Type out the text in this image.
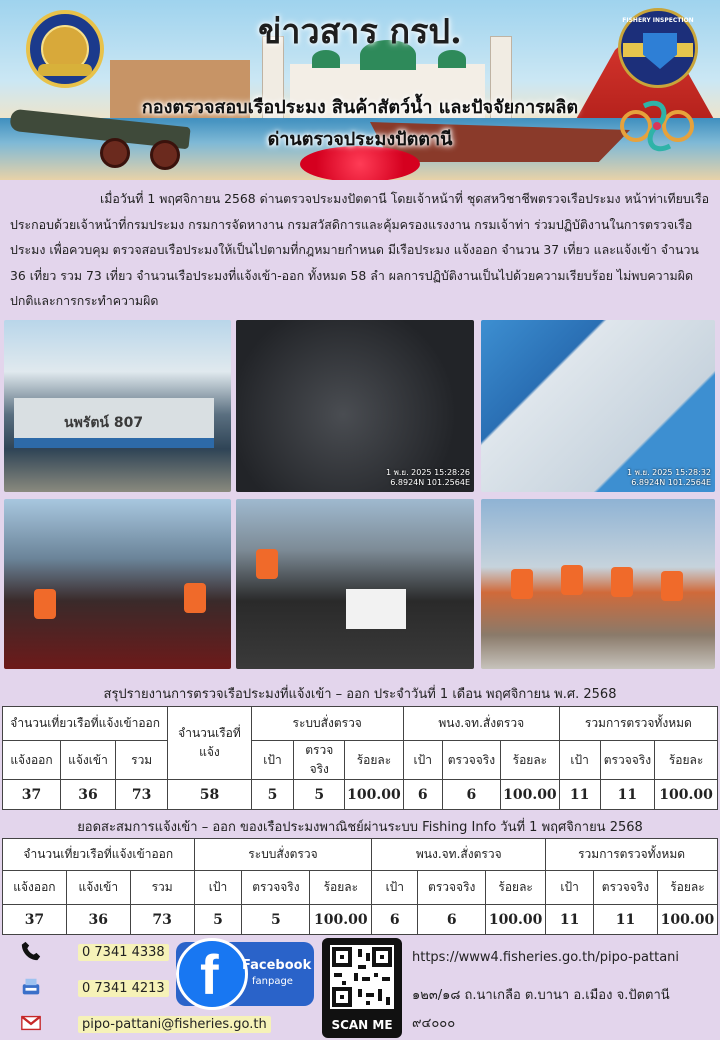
FISHERY INSPECTION
ข่าวสาร กรป.
กองตรวจสอบเรือประมง สินค้าสัตว์น้ำ และปัจจัยการผลิต
ด่านตรวจประมงปัตตานี

เมื่อวันที่ 1 พฤศจิกายน 2568 ด่านตรวจประมงปัตตานี โดยเจ้าหน้าที่ ชุดสหวิชาชีพตรวจเรือประมง หน้าท่าเทียบเรือ ประกอบด้วยเจ้าหน้าที่กรมประมง กรมการจัดหางาน กรมสวัสดิการและคุ้มครองแรงงาน กรมเจ้าท่า ร่วมปฏิบัติงานในการตรวจเรือประมง เพื่อควบคุม ตรวจสอบเรือประมงให้เป็นไปตามที่กฎหมายกำหนด มีเรือประมง แจ้งออก จำนวน 37 เที่ยว และแจ้งเข้า จำนวน 36 เที่ยว รวม 73 เที่ยว จำนวนเรือประมงที่แจ้งเข้า-ออก ทั้งหมด 58 ลำ ผลการปฏิบัติงานเป็นไปด้วยความเรียบร้อย ไม่พบความผิดปกติและการกระทำความผิด

นพรัตน์ 807
1 พ.ย. 2025 15:28:26
6.8924N 101.2564E
1 พ.ย. 2025 15:28:32
6.8924N 101.2564E
สรุปรายงานการตรวจเรือประมงที่แจ้งเข้า – ออก ประจำวันที่ 1 เดือน พฤศจิกายน พ.ศ. 2568
จำนวนเที่ยวเรือที่แจ้งเข้าออก			จำนวนเรือที่แจ้ง	ระบบสั่งตรวจ			พนง.จท.สั่งตรวจ			รวมการตรวจทั้งหมด		
แจ้งออก	แจ้งเข้า	รวม		เป้า	ตรวจจริง	ร้อยละ	เป้า	ตรวจจริง	ร้อยละ	เป้า	ตรวจจริง	ร้อยละ
37	36	73	58	5	5	100.00	6	6	100.00	11	11	100.00
ยอดสะสมการแจ้งเข้า – ออก ของเรือประมงพาณิชย์ผ่านระบบ Fishing Info วันที่ 1 พฤศจิกายน 2568
จำนวนเที่ยวเรือที่แจ้งเข้าออก			ระบบสั่งตรวจ			พนง.จท.สั่งตรวจ			รวมการตรวจทั้งหมด		
แจ้งออก	แจ้งเข้า	รวม	เป้า	ตรวจจริง	ร้อยละ	เป้า	ตรวจจริง	ร้อยละ	เป้า	ตรวจจริง	ร้อยละ
37	36	73	5	5	100.00	6	6	100.00	11	11	100.00
0 7341 4338
0 7341 4213
pipo-pattani@fisheries.go.th
f Facebook
fanpage
SCAN ME
https://www4.fisheries.go.th/pipo-pattani
๑๒๓/๑๘ ถ.นาเกลือ ต.บานา อ.เมือง จ.ปัตตานี ๙๔๐๐๐
